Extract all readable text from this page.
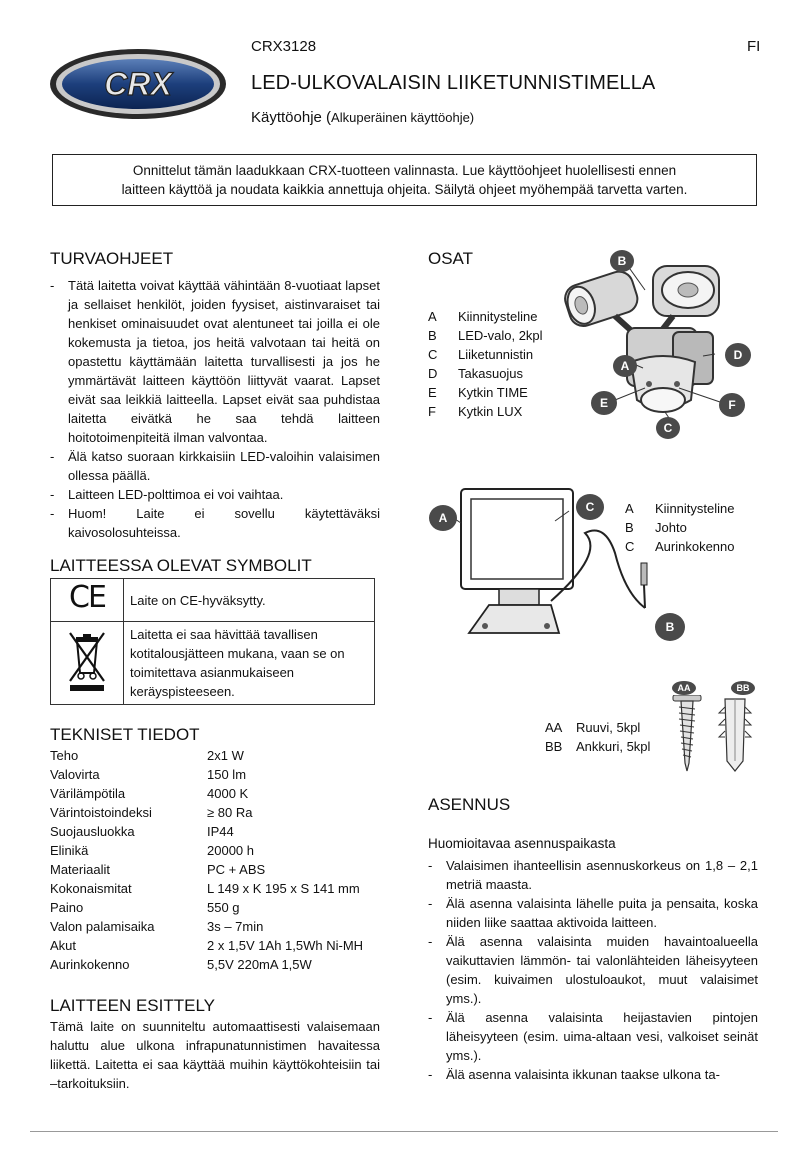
CRX
CRX3128	FI
LED-ULKOVALAISIN LIIKETUNNISTIMELLA
Käyttöohje (Alkuperäinen käyttöohje)
Onnittelut tämän laadukkaan CRX-tuotteen valinnasta. Lue käyttöohjeet huolellisesti ennen
laitteen käyttöä ja noudata kaikkia annettuja ohjeita. Säilytä ohjeet myöhempää tarvetta varten.
TURVAOHJEET
- Tätä laitetta voivat käyttää vähintään 8-vuotiaat lapset ja sellaiset henkilöt, joiden fyysiset, aistinvaraiset tai henkiset ominaisuudet ovat alentuneet tai joilla ei ole kokemusta ja tietoa, jos heitä valvotaan tai heitä on opastettu käyttämään laitetta turvallisesti ja jos he ymmärtävät laitteen käyttöön liittyvät vaarat. Lapset eivät saa leikkiä laitteella. Lapset eivät saa puhdistaa laitetta eivätkä he saa tehdä laitteen hoitotoimenpiteitä ilman valvontaa.
- Älä katso suoraan kirkkaisiin LED-valoihin valaisimen ollessa päällä.
- Laitteen LED-polttimoa ei voi vaihtaa.
- Huom! Laite ei sovellu käytettäväksi kaivosolosuhteissa.
LAITTEESSA OLEVAT SYMBOLIT
CE	Laite on CE-hyväksytty.
	Laitetta ei saa hävittää tavallisen kotitalousjätteen mukana, vaan se on toimitettava asianmukaiseen keräyspisteeseen.
TEKNISET TIEDOT
Teho	2x1 W
Valovirta	150 lm
Värilämpötila	4000 K
Värintoistoindeksi	≥ 80 Ra
Suojausluokka	IP44
Elinikä	20000 h
Materiaalit	PC + ABS
Kokonaismitat	L 149 x K 195 x S 141 mm
Paino	550 g
Valon palamisaika	3s – 7min
Akut	2 x 1,5V 1Ah 1,5Wh Ni-MH
Aurinkokenno	5,5V 220mA 1,5W
LAITTEEN ESITTELY
Tämä laite on suunniteltu automaattisesti valaisemaan haluttu alue ulkona infrapunatunnistimen havaitessa liikettä. Laitetta ei saa käyttää muihin käyttökohteisiin tai –tarkoituksiin.
OSAT
A	Kiinnitysteline
B	LED-valo, 2kpl
C	Liiketunnistin
D	Takasuojus
E	Kytkin TIME
F	Kytkin LUX
B
A
D
E	F
C
A
C
B
A	Kiinnitysteline
B	Johto
C	Aurinkokenno
AA	BB
AA	Ruuvi, 5kpl
BB	Ankkuri, 5kpl
ASENNUS
Huomioitavaa asennuspaikasta
- Valaisimen ihanteellisin asennuskorkeus on 1,8 – 2,1 metriä maasta.
- Älä asenna valaisinta lähelle puita ja pensaita, koska niiden liike saattaa aktivoida laitteen.
- Älä asenna valaisinta muiden havaintoalueella vaikuttavien lämmön- tai valonlähteiden läheisyyteen (esim. kuivaimen ulostuloaukot, muut valaisimet yms.).
- Älä asenna valaisinta heijastavien pintojen läheisyyteen (esim. uima-altaan vesi, valkoiset seinät yms.).
- Älä asenna valaisinta ikkunan taakse ulkona ta-
